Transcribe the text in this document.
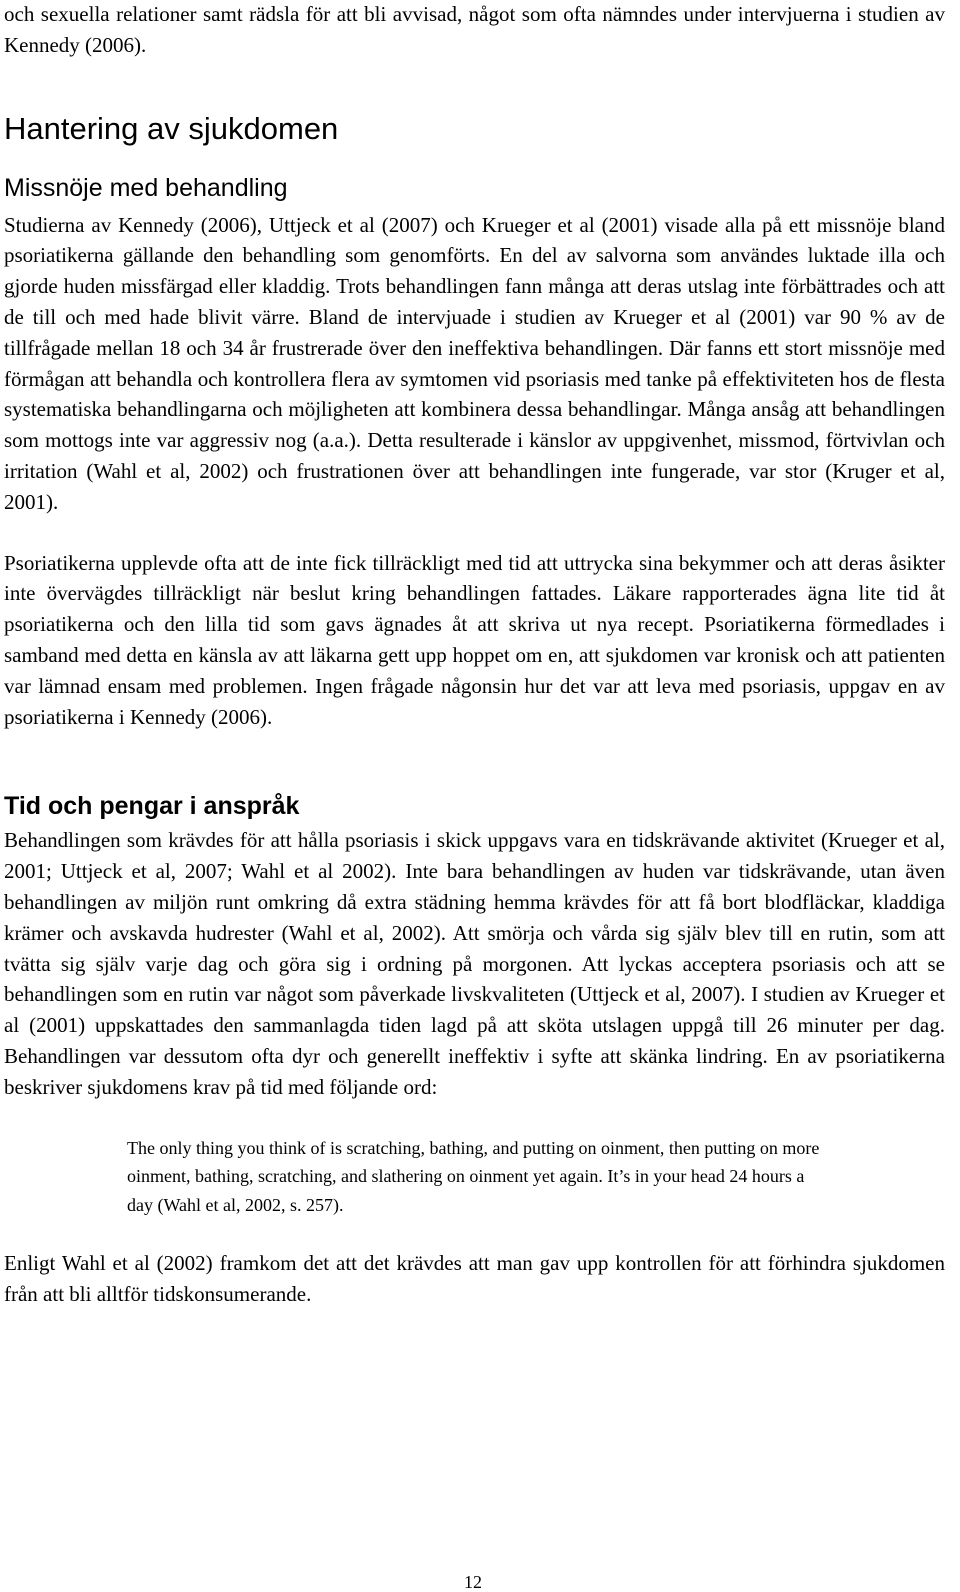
och sexuella relationer samt rädsla för att bli avvisad, något som ofta nämndes under intervjuerna i studien av Kennedy (2006).

Hantering av sjukdomen
Missnöje med behandling

Studierna av Kennedy (2006), Uttjeck et al (2007) och Krueger et al (2001) visade alla på ett missnöje bland psoriatikerna gällande den behandling som genomförts. En del av salvorna som användes luktade illa och gjorde huden missfärgad eller kladdig. Trots behandlingen fann många att deras utslag inte förbättrades och att de till och med hade blivit värre. Bland de intervjuade i studien av Krueger et al (2001) var 90 % av de tillfrågade mellan 18 och 34 år frustrerade över den ineffektiva behandlingen. Där fanns ett stort missnöje med förmågan att behandla och kontrollera flera av symtomen vid psoriasis med tanke på effektiviteten hos de flesta systematiska behandlingarna och möjligheten att kombinera dessa behandlingar. Många ansåg att behandlingen som mottogs inte var aggressiv nog (a.a.). Detta resulterade i känslor av uppgivenhet, missmod, förtvivlan och irritation (Wahl et al, 2002) och frustrationen över att behandlingen inte fungerade, var stor (Kruger et al, 2001).

Psoriatikerna upplevde ofta att de inte fick tillräckligt med tid att uttrycka sina bekymmer och att deras åsikter inte övervägdes tillräckligt när beslut kring behandlingen fattades. Läkare rapporterades ägna lite tid åt psoriatikerna och den lilla tid som gavs ägnades åt att skriva ut nya recept. Psoriatikerna förmedlades i samband med detta en känsla av att läkarna gett upp hoppet om en, att sjukdomen var kronisk och att patienten var lämnad ensam med problemen. Ingen frågade någonsin hur det var att leva med psoriasis, uppgav en av psoriatikerna i Kennedy (2006).

Tid och pengar i anspråk

Behandlingen som krävdes för att hålla psoriasis i skick uppgavs vara en tidskrävande aktivitet (Krueger et al, 2001; Uttjeck et al, 2007; Wahl et al 2002). Inte bara behandlingen av huden var tidskrävande, utan även behandlingen av miljön runt omkring då extra städning hemma krävdes för att få bort blodfläckar, kladdiga krämer och avskavda hudrester (Wahl et al, 2002). Att smörja och vårda sig själv blev till en rutin, som att tvätta sig själv varje dag och göra sig i ordning på morgonen. Att lyckas acceptera psoriasis och att se behandlingen som en rutin var något som påverkade livskvaliteten (Uttjeck et al, 2007). I studien av Krueger et al (2001) uppskattades den sammanlagda tiden lagd på att sköta utslagen uppgå till 26 minuter per dag. Behandlingen var dessutom ofta dyr och generellt ineffektiv i syfte att skänka lindring. En av psoriatikerna beskriver sjukdomens krav på tid med följande ord:

The only thing you think of is scratching, bathing, and putting on oinment, then putting on more oinment, bathing, scratching, and slathering on oinment yet again. It’s in your head 24 hours a day (Wahl et al, 2002, s. 257).

Enligt Wahl et al (2002) framkom det att det krävdes att man gav upp kontrollen för att förhindra sjukdomen från att bli alltför tidskonsumerande.

12
